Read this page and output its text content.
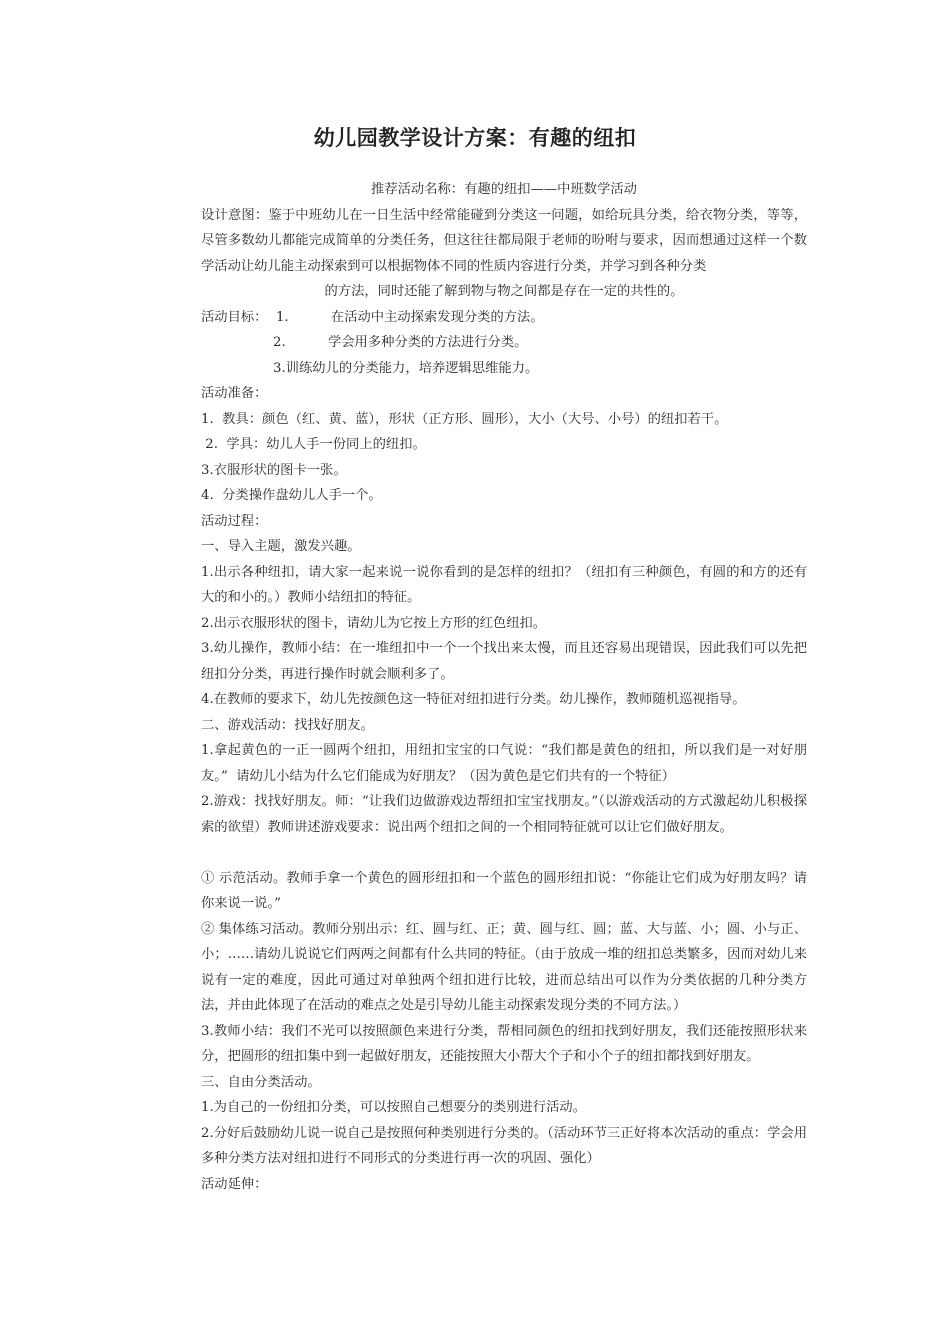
幼儿园教学设计方案：有趣的纽扣

推荐活动名称：有趣的纽扣——中班数学活动

设计意图：鉴于中班幼儿在一日生活中经常能碰到分类这一问题，如给玩具分类，给衣物分类，等等，尽管多数幼儿都能完成简单的分类任务，但这往往都局限于老师的吩咐与要求，因而想通过这样一个数学活动让幼儿能主动探索到可以根据物体不同的性质内容进行分类，并学习到各种分类

的方法，同时还能了解到物与物之间都是存在一定的共性的。

活动目标：  1.          在活动中主动探索发现分类的方法。

2.          学会用多种分类的方法进行分类。

3.训练幼儿的分类能力，培养逻辑思维能力。

活动准备：

1.  教具：颜色（红、黄、蓝），形状（正方形、圆形），大小（大号、小号）的纽扣若干。

2.  学具：幼儿人手一份同上的纽扣。

3.衣服形状的图卡一张。

4.  分类操作盘幼儿人手一个。

活动过程：

一、导入主题，激发兴趣。

1.出示各种纽扣，请大家一起来说一说你看到的是怎样的纽扣？（纽扣有三种颜色，有圆的和方的还有大的和小的。）教师小结纽扣的特征。

2.出示衣服形状的图卡，请幼儿为它按上方形的红色纽扣。

3.幼儿操作，教师小结：在一堆纽扣中一个一个找出来太慢，而且还容易出现错误，因此我们可以先把纽扣分分类，再进行操作时就会顺利多了。

4.在教师的要求下，幼儿先按颜色这一特征对纽扣进行分类。幼儿操作，教师随机巡视指导。

二、游戏活动：找找好朋友。

1.拿起黄色的一正一圆两个纽扣，用纽扣宝宝的口气说：“我们都是黄色的纽扣，所以我们是一对好朋友。”  请幼儿小结为什么它们能成为好朋友？（因为黄色是它们共有的一个特征）

2.游戏：找找好朋友。师：“让我们边做游戏边帮纽扣宝宝找朋友。”（以游戏活动的方式激起幼儿积极探索的欲望）教师讲述游戏要求：说出两个纽扣之间的一个相同特征就可以让它们做好朋友。

① 示范活动。教师手拿一个黄色的圆形纽扣和一个蓝色的圆形纽扣说：“你能让它们成为好朋友吗？请你来说一说。”

② 集体练习活动。教师分别出示：红、圆与红、正；黄、圆与红、圆；蓝、大与蓝、小；圆、小与正、小；……请幼儿说说它们两两之间都有什么共同的特征。（由于放成一堆的纽扣总类繁多，因而对幼儿来说有一定的难度，因此可通过对单独两个纽扣进行比较，进而总结出可以作为分类依据的几种分类方法，并由此体现了在活动的难点之处是引导幼儿能主动探索发现分类的不同方法。）

3.教师小结：我们不光可以按照颜色来进行分类，帮相同颜色的纽扣找到好朋友，我们还能按照形状来分，把圆形的纽扣集中到一起做好朋友，还能按照大小帮大个子和小个子的纽扣都找到好朋友。

三、自由分类活动。

1.为自己的一份纽扣分类，可以按照自己想要分的类别进行活动。

2.分好后鼓励幼儿说一说自己是按照何种类别进行分类的。（活动环节三正好将本次活动的重点：学会用多种分类方法对纽扣进行不同形式的分类进行再一次的巩固、强化）

活动延伸：
